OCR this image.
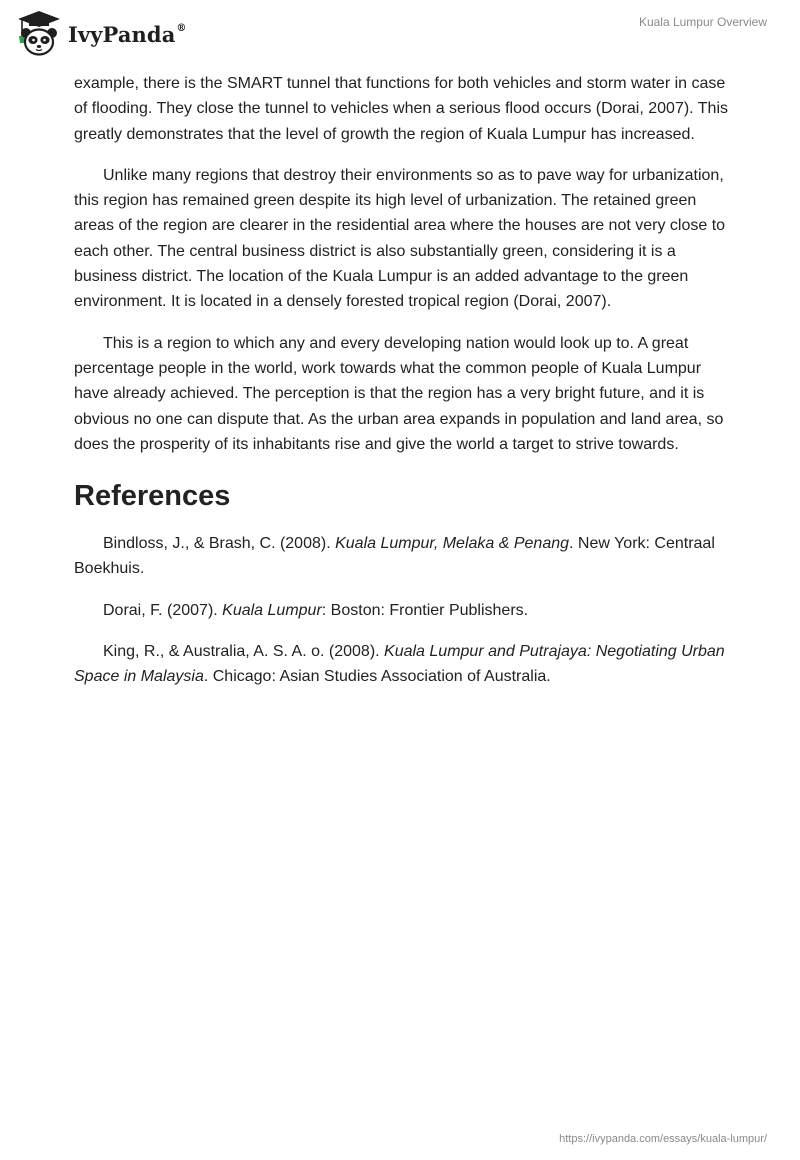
IvyPanda®	Kuala Lumpur Overview

example, there is the SMART tunnel that functions for both vehicles and storm water in case of flooding. They close the tunnel to vehicles when a serious flood occurs (Dorai, 2007). This greatly demonstrates that the level of growth the region of Kuala Lumpur has increased.

Unlike many regions that destroy their environments so as to pave way for urbanization, this region has remained green despite its high level of urbanization. The retained green areas of the region are clearer in the residential area where the houses are not very close to each other. The central business district is also substantially green, considering it is a business district. The location of the Kuala Lumpur is an added advantage to the green environment. It is located in a densely forested tropical region (Dorai, 2007).

This is a region to which any and every developing nation would look up to. A great percentage people in the world, work towards what the common people of Kuala Lumpur have already achieved. The perception is that the region has a very bright future, and it is obvious no one can dispute that. As the urban area expands in population and land area, so does the prosperity of its inhabitants rise and give the world a target to strive towards.

References
Bindloss, J., & Brash, C. (2008). Kuala Lumpur, Melaka & Penang. New York: Centraal Boekhuis.
Dorai, F. (2007). Kuala Lumpur: Boston: Frontier Publishers.
King, R., & Australia, A. S. A. o. (2008). Kuala Lumpur and Putrajaya: Negotiating Urban Space in Malaysia. Chicago: Asian Studies Association of Australia.
https://ivypanda.com/essays/kuala-lumpur/
